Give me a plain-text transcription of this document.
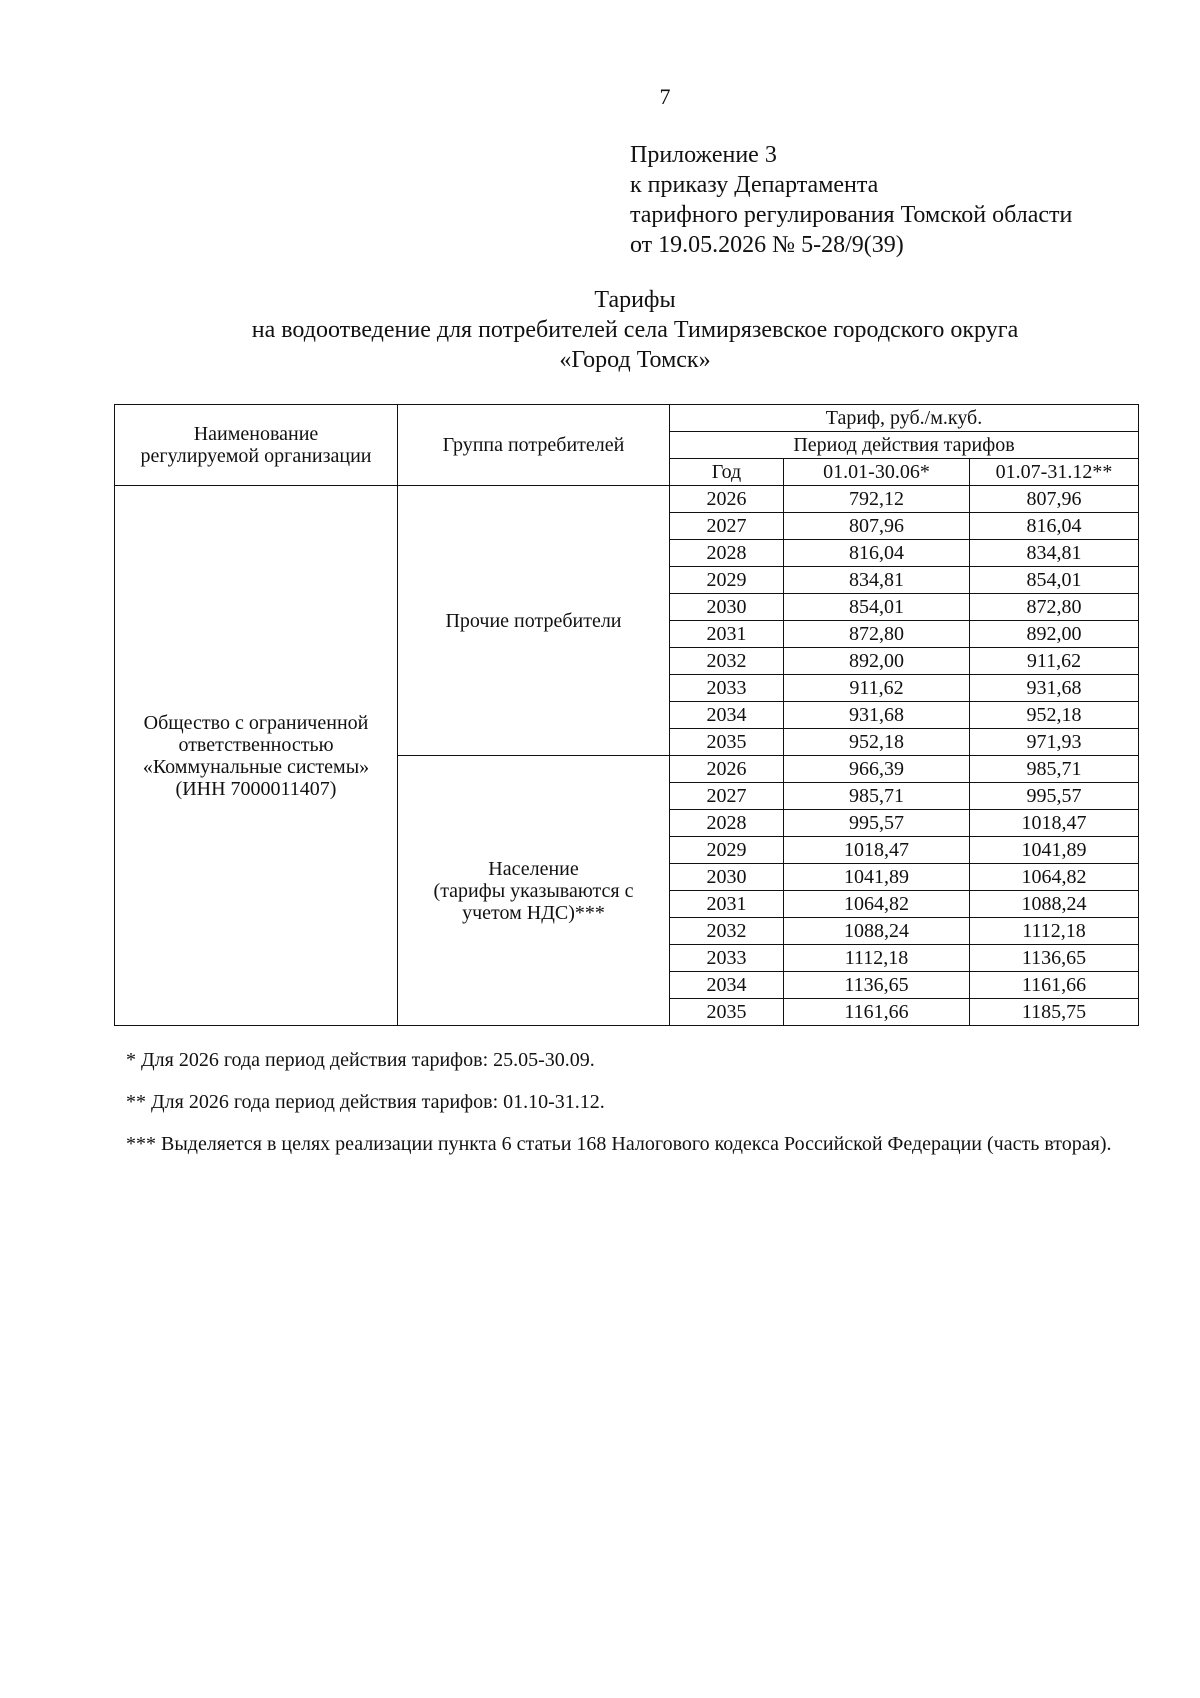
7
Приложение 3
к приказу Департамента
тарифного регулирования Томской области
от 19.05.2026 № 5-28/9(39)
Тарифы
на водоотведение для потребителей села Тимирязевское городского округа
«Город Томск»
Наименование
регулируемой организации	Группа потребителей	Тариф, руб./м.куб.		
		Период действия тарифов		
		Год	01.01-30.06*	01.07-31.12**
Общество с ограниченной
ответственностью
«Коммунальные системы»
(ИНН 7000011407)	Прочие потребители	2026	792,12	807,96
		2027	807,96	816,04
		2028	816,04	834,81
		2029	834,81	854,01
		2030	854,01	872,80
		2031	872,80	892,00
		2032	892,00	911,62
		2033	911,62	931,68
		2034	931,68	952,18
		2035	952,18	971,93
	Население
(тарифы указываются с
учетом НДС)***	2026	966,39	985,71
		2027	985,71	995,57
		2028	995,57	1018,47
		2029	1018,47	1041,89
		2030	1041,89	1064,82
		2031	1064,82	1088,24
		2032	1088,24	1112,18
		2033	1112,18	1136,65
		2034	1136,65	1161,66
		2035	1161,66	1185,75

* Для 2026 года период действия тарифов: 25.05-30.09.

** Для 2026 года период действия тарифов: 01.10-31.12.

*** Выделяется в целях реализации пункта 6 статьи 168 Налогового кодекса Российской Федерации (часть вторая).
